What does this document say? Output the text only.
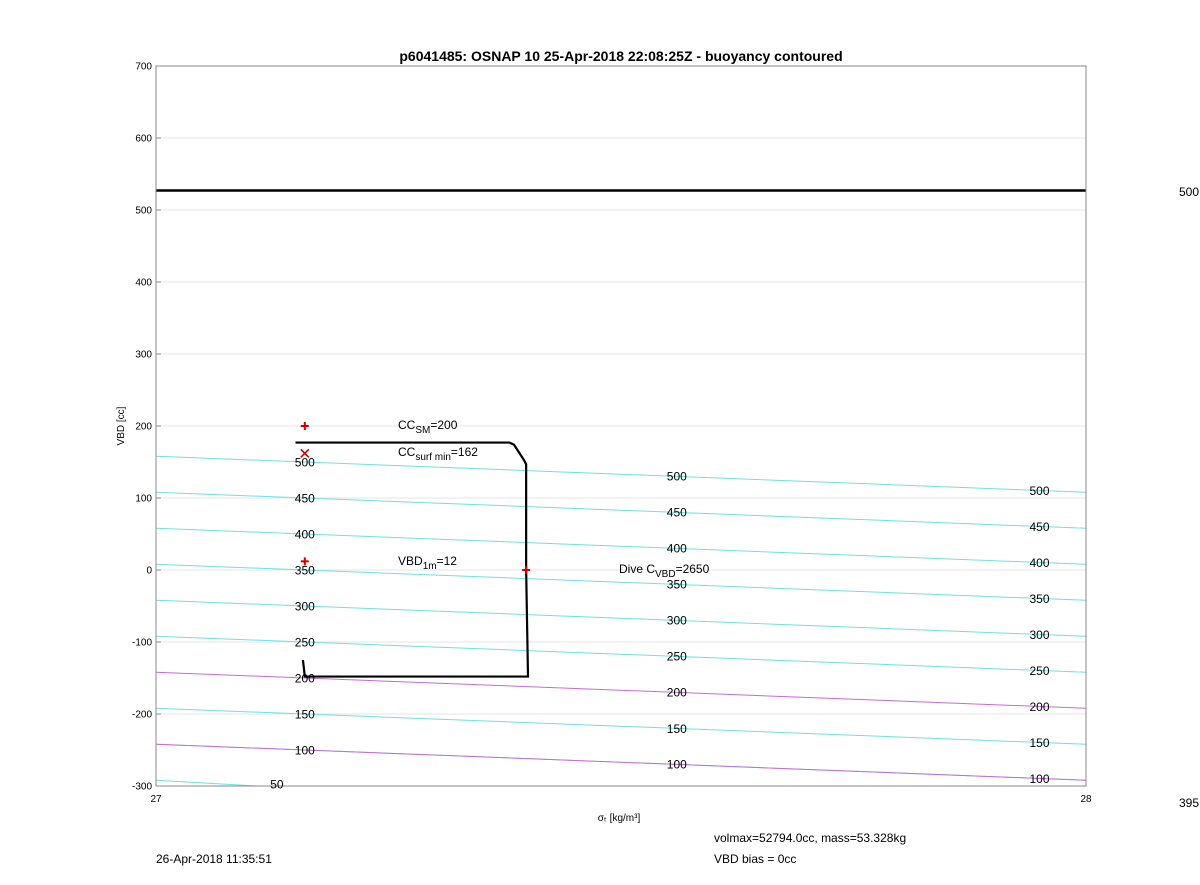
p6041485: OSNAP 10 25-Apr-2018 22:08:25Z - buoyancy contoured
-300
-200
-100
0
100
200
300
400
500
600
700
27	28
50
100
100
100
150
150
150
200
200
200
250
250
250
300
300
300
350
350
350
400
400
400
450
450
450
500
500
500
$CC_{SM}=200$
$CC_{surf min}=162$
$VBD_{1m}=12$
Dive $C_{VBD}=2650$
VBD [cc]
σₜ [kg/m³]
500
395
26-Apr-2018 11:35:51
volmax=52794.0cc, mass=53.328kg
VBD bias = 0cc
